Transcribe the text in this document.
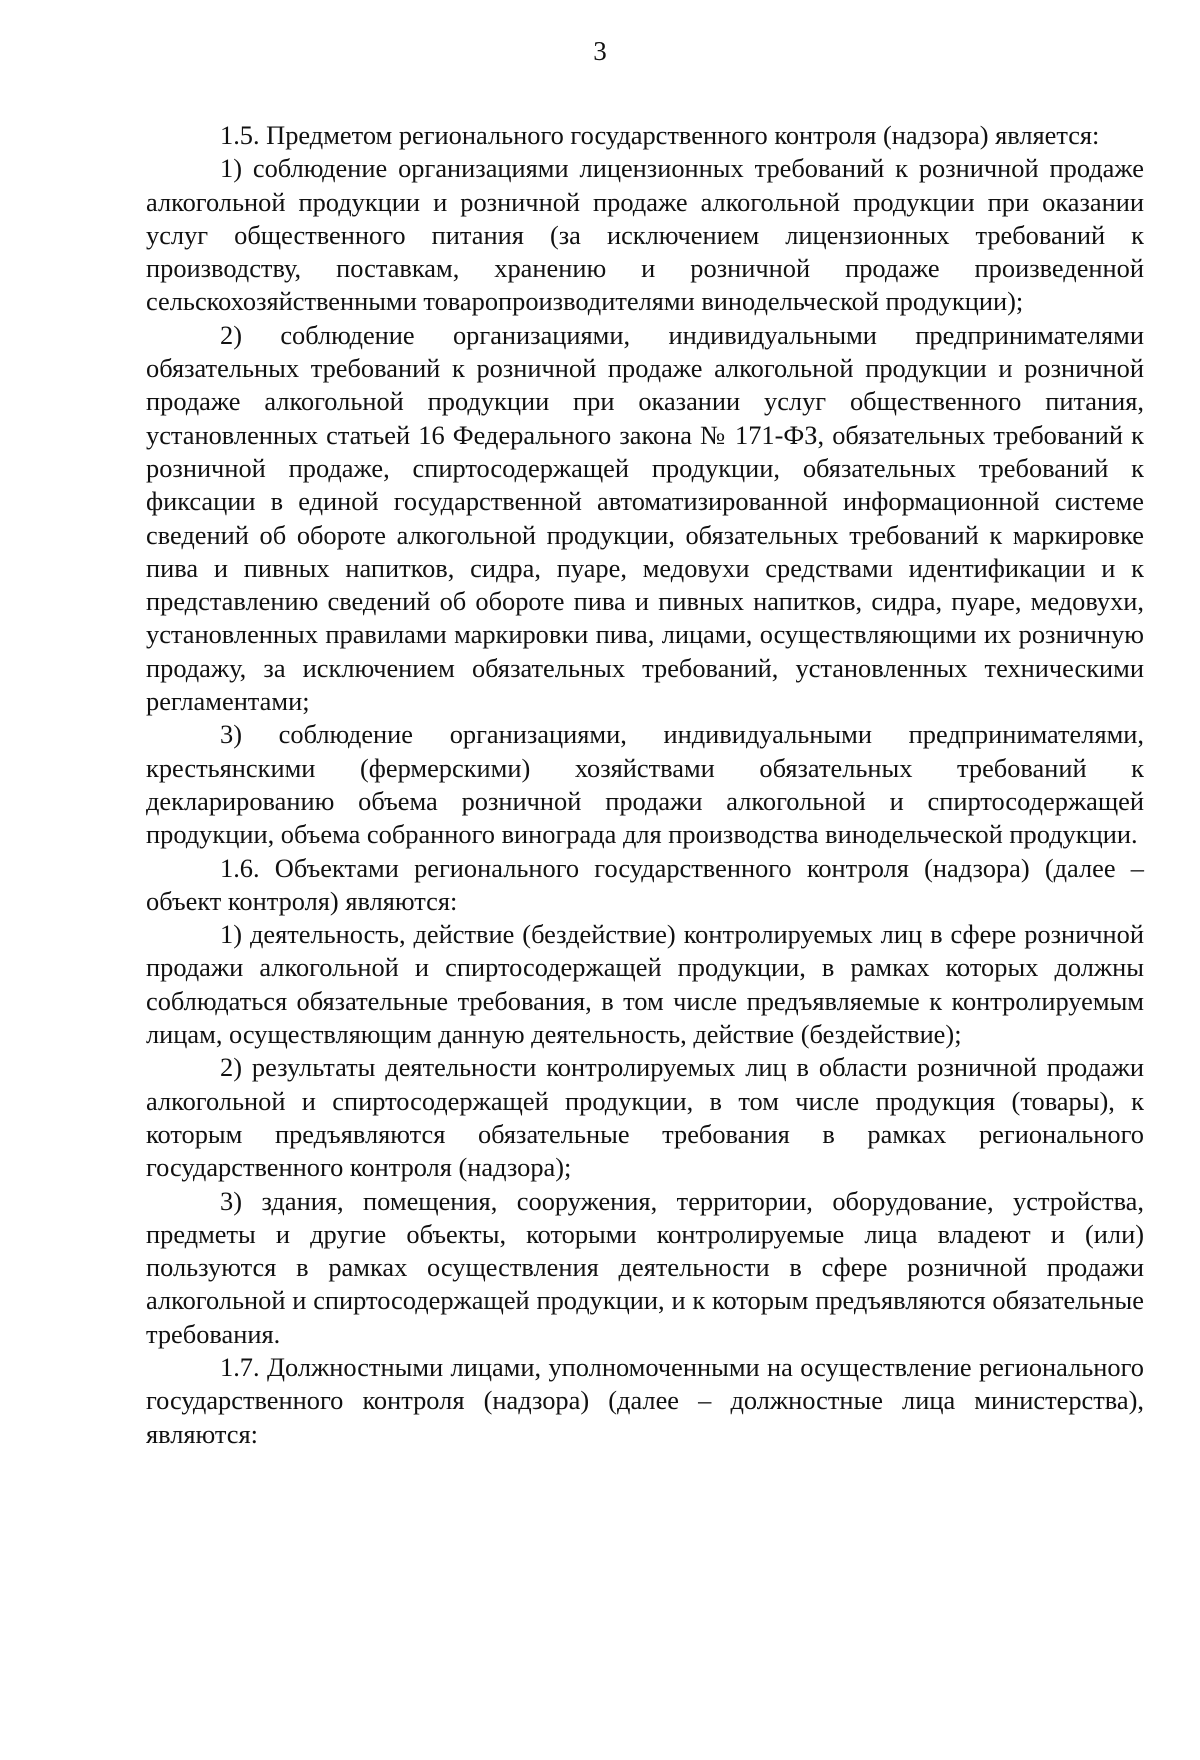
3

1.5. Предметом регионального государственного контроля (надзора) является:

1) соблюдение организациями лицензионных требований к розничной продаже алкогольной продукции и розничной продаже алкогольной продукции при оказании услуг общественного питания (за исключением лицензионных требований к производству, поставкам, хранению и розничной продаже произведенной сельскохозяйственными товаропроизводителями винодельческой продукции);

2) соблюдение организациями, индивидуальными предпринимателями обязательных требований к розничной продаже алкогольной продукции и розничной продаже алкогольной продукции при оказании услуг общественного питания, установленных статьей 16 Федерального закона № 171-ФЗ, обязательных требований к розничной продаже, спиртосодержащей продукции, обязательных требований к фиксации в единой государственной автоматизированной информационной системе сведений об обороте алкогольной продукции, обязательных требований к маркировке пива и пивных напитков, сидра, пуаре, медовухи средствами идентификации и к представлению сведений об обороте пива и пивных напитков, сидра, пуаре, медовухи, установленных правилами маркировки пива, лицами, осуществляющими их розничную продажу, за исключением обязательных требований, установленных техническими регламентами;

3) соблюдение организациями, индивидуальными предпринимателями, крестьянскими (фермерскими) хозяйствами обязательных требований к декларированию объема розничной продажи алкогольной и спиртосодержащей продукции, объема собранного винограда для производства винодельческой продукции.

1.6. Объектами регионального государственного контроля (надзора) (далее – объект контроля) являются:

1) деятельность, действие (бездействие) контролируемых лиц в сфере розничной продажи алкогольной и спиртосодержащей продукции, в рамках которых должны соблюдаться обязательные требования, в том числе предъявляемые к контролируемым лицам, осуществляющим данную деятельность, действие (бездействие);

2) результаты деятельности контролируемых лиц в области розничной продажи алкогольной и спиртосодержащей продукции, в том числе продукция (товары), к которым предъявляются обязательные требования в рамках регионального государственного контроля (надзора);

3) здания, помещения, сооружения, территории, оборудование, устройства, предметы и другие объекты, которыми контролируемые лица владеют и (или) пользуются в рамках осуществления деятельности в сфере розничной продажи алкогольной и спиртосодержащей продукции, и к которым предъявляются обязательные требования.

1.7. Должностными лицами, уполномоченными на осуществление регионального государственного контроля (надзора) (далее – должностные лица министерства), являются:
